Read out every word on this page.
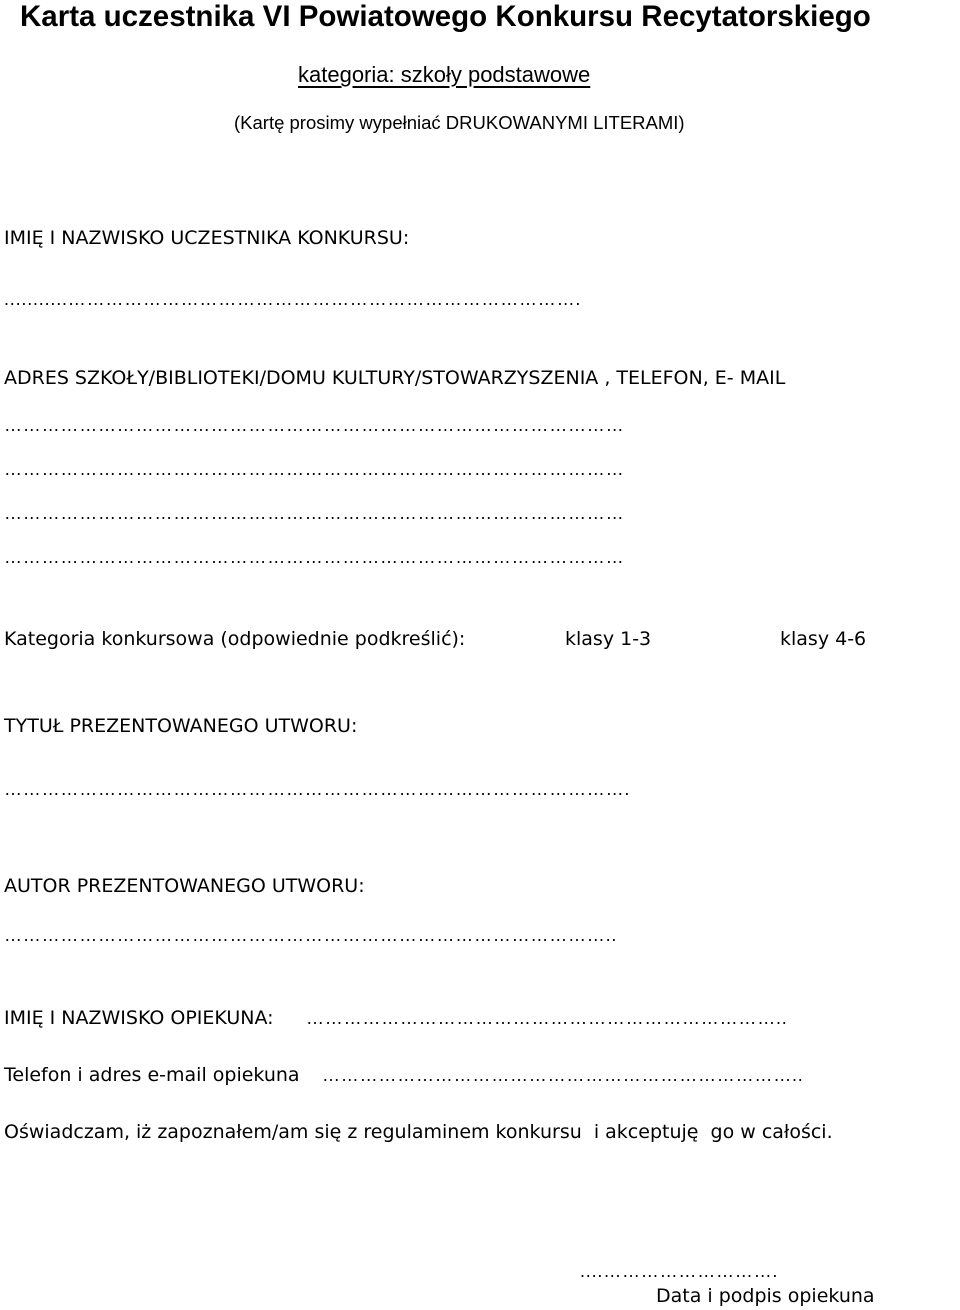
Karta uczestnika VI Powiatowego Konkursu Recytatorskiego
kategoria: szkoły podstawowe
(Kartę prosimy wypełniać DRUKOWANYMI LITERAMI)
IMIĘ I NAZWISKO UCZESTNIKA KONKURSU:
...........……………………………………………………………………….
ADRES SZKOŁY/BIBLIOTEKI/DOMU KULTURY/STOWARZYSZENIA , TELEFON, E- MAIL
………………………………………………………………………………………
………………………………………………………………………………………
………………………………………………………………………………………
………………………………………………………………………………………
Kategoria konkursowa (odpowiednie podkreślić):	klasy 1-3	klasy 4-6
TYTUŁ PREZENTOWANEGO UTWORU:
……………………………………………………………………………………….
AUTOR PREZENTOWANEGO UTWORU:
……………………………………………………………………………………..
IMIĘ I NAZWISKO OPIEKUNA: …………………………………………………………………..
Telefon i adres e-mail opiekuna …………………………………………………………………..
Oświadczam, iż zapoznałem/am się z regulaminem konkursu  i akceptuję  go w całości.
....……………………….
Data i podpis opiekuna
